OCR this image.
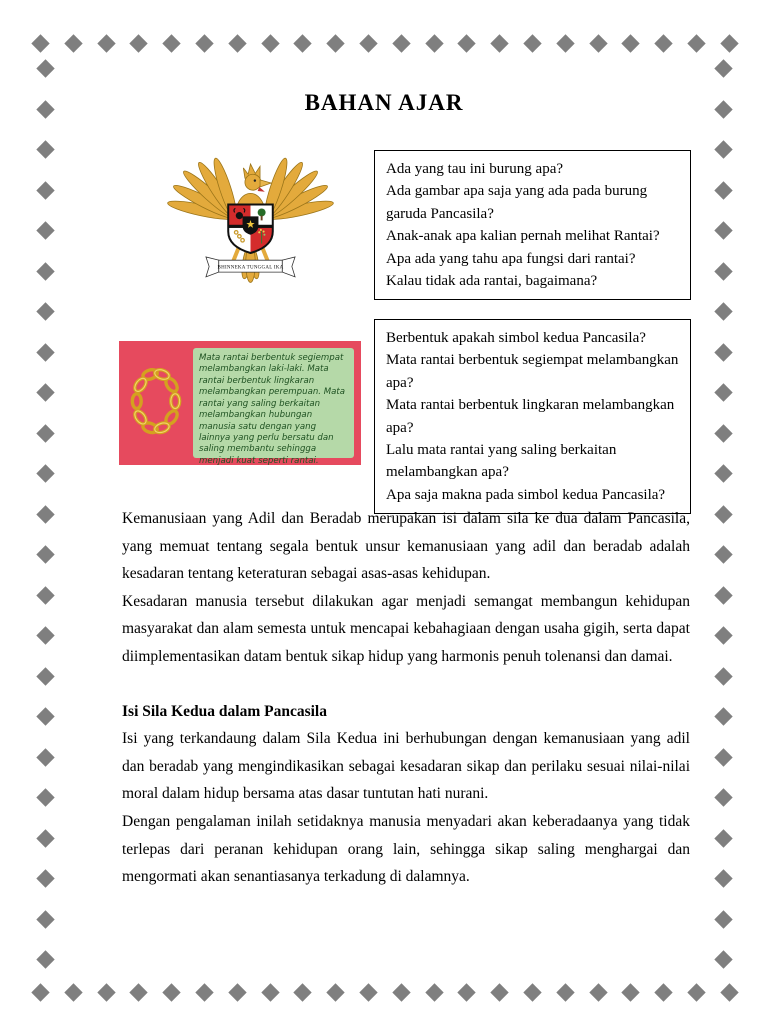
BAHAN AJAR
BHINNEKA TUNGGAL IKA

Ada yang tau ini burung apa?

Ada gambar apa saja yang ada pada burung garuda Pancasila?

Anak-anak apa kalian pernah melihat Rantai?

Apa ada yang tahu apa fungsi dari rantai?

Kalau tidak ada rantai, bagaimana?

Mata rantai berbentuk segiempat melambangkan laki-laki. Mata rantai berbentuk lingkaran melambangkan perempuan. Mata rantai yang saling berkaitan melambangkan hubungan manusia satu dengan yang lainnya yang perlu bersatu dan saling membantu sehingga menjadi kuat seperti rantai.

Berbentuk apakah simbol kedua Pancasila?

Mata rantai berbentuk segiempat melambangkan apa?

Mata rantai berbentuk lingkaran melambangkan apa?

Lalu mata rantai yang saling berkaitan melambangkan apa?

Apa saja makna pada simbol kedua Pancasila?

Kemanusiaan yang Adil dan Beradab merupakan isi dalam sila ke dua dalam Pancasila, yang memuat tentang segala bentuk unsur kemanusiaan yang adil dan beradab adalah kesadaran tentang keteraturan sebagai asas-asas kehidupan.

Kesadaran manusia tersebut dilakukan agar menjadi semangat membangun kehidupan masyarakat dan alam semesta untuk mencapai kebahagiaan dengan usaha gigih, serta dapat diimplementasikan datam bentuk sikap hidup yang harmonis penuh tolenansi dan damai.

Isi Sila Kedua dalam Pancasila

Isi yang terkandaung dalam Sila Kedua ini berhubungan dengan kemanusiaan yang adil dan beradab yang mengindikasikan sebagai kesadaran sikap dan perilaku sesuai nilai-nilai moral dalam hidup bersama atas dasar tuntutan hati nurani.

Dengan pengalaman inilah setidaknya manusia menyadari akan keberadaanya yang tidak terlepas dari peranan kehidupan orang lain, sehingga sikap saling menghargai dan mengormati akan senantiasanya terkadung di dalamnya.
